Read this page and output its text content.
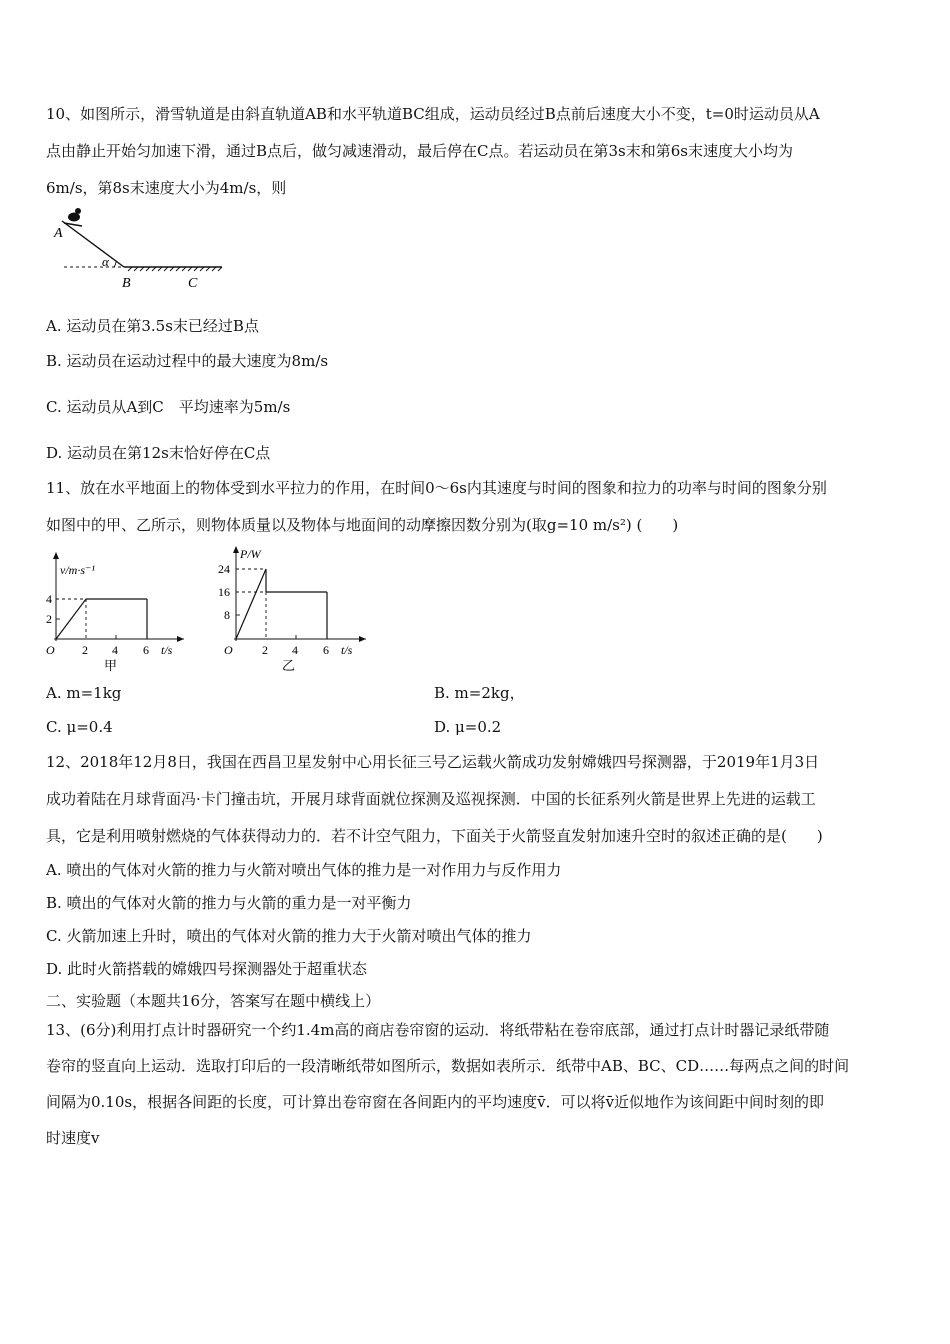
10、如图所示，滑雪轨道是由斜直轨道AB和水平轨道BC组成，运动员经过B点前后速度大小不变，t=0时运动员从A

点由静止开始匀加速下滑，通过B点后，做匀减速滑动，最后停在C点。若运动员在第3s末和第6s末速度大小均为

6m/s，第8s末速度大小为4m/s，则

A
α
B	C

A. 运动员在第3.5s末已经过B点

B. 运动员在运动过程中的最大速度为8m/s

C. 运动员从A到C　平均速率为5m/s

D. 运动员在第12s末恰好停在C点

11、放在水平地面上的物体受到水平拉力的作用，在时间0～6s内其速度与时间的图象和拉力的功率与时间的图象分别

如图中的甲、乙所示，则物体质量以及物体与地面间的动摩擦因数分别为(取g=10 m/s²) (　　)

v/m·s⁻¹
O
4
2
2 4 6 t/s
甲
P/W
O
24
16
8
2 4 6 t/s
乙
A. m=1kg	B. m=2kg，
C. μ=0.4	D. μ=0.2

12、2018年12月8日，我国在西昌卫星发射中心用长征三号乙运载火箭成功发射嫦娥四号探测器，于2019年1月3日

成功着陆在月球背面冯·卡门撞击坑，开展月球背面就位探测及巡视探测．中国的长征系列火箭是世界上先进的运载工

具，它是利用喷射燃烧的气体获得动力的．若不计空气阻力，下面关于火箭竖直发射加速升空时的叙述正确的是(　　)

A. 喷出的气体对火箭的推力与火箭对喷出气体的推力是一对作用力与反作用力

B. 喷出的气体对火箭的推力与火箭的重力是一对平衡力

C. 火箭加速上升时，喷出的气体对火箭的推力大于火箭对喷出气体的推力

D. 此时火箭搭载的嫦娥四号探测器处于超重状态

二、实验题（本题共16分，答案写在题中横线上）

13、(6分)利用打点计时器研究一个约1.4m高的商店卷帘窗的运动．将纸带粘在卷帘底部，通过打点计时器记录纸带随

卷帘的竖直向上运动．选取打印后的一段清晰纸带如图所示，数据如表所示．纸带中AB、BC、CD……每两点之间的时间

间隔为0.10s，根据各间距的长度，可计算出卷帘窗在各间距内的平均速度v̄．可以将v̄近似地作为该间距中间时刻的即

时速度v
